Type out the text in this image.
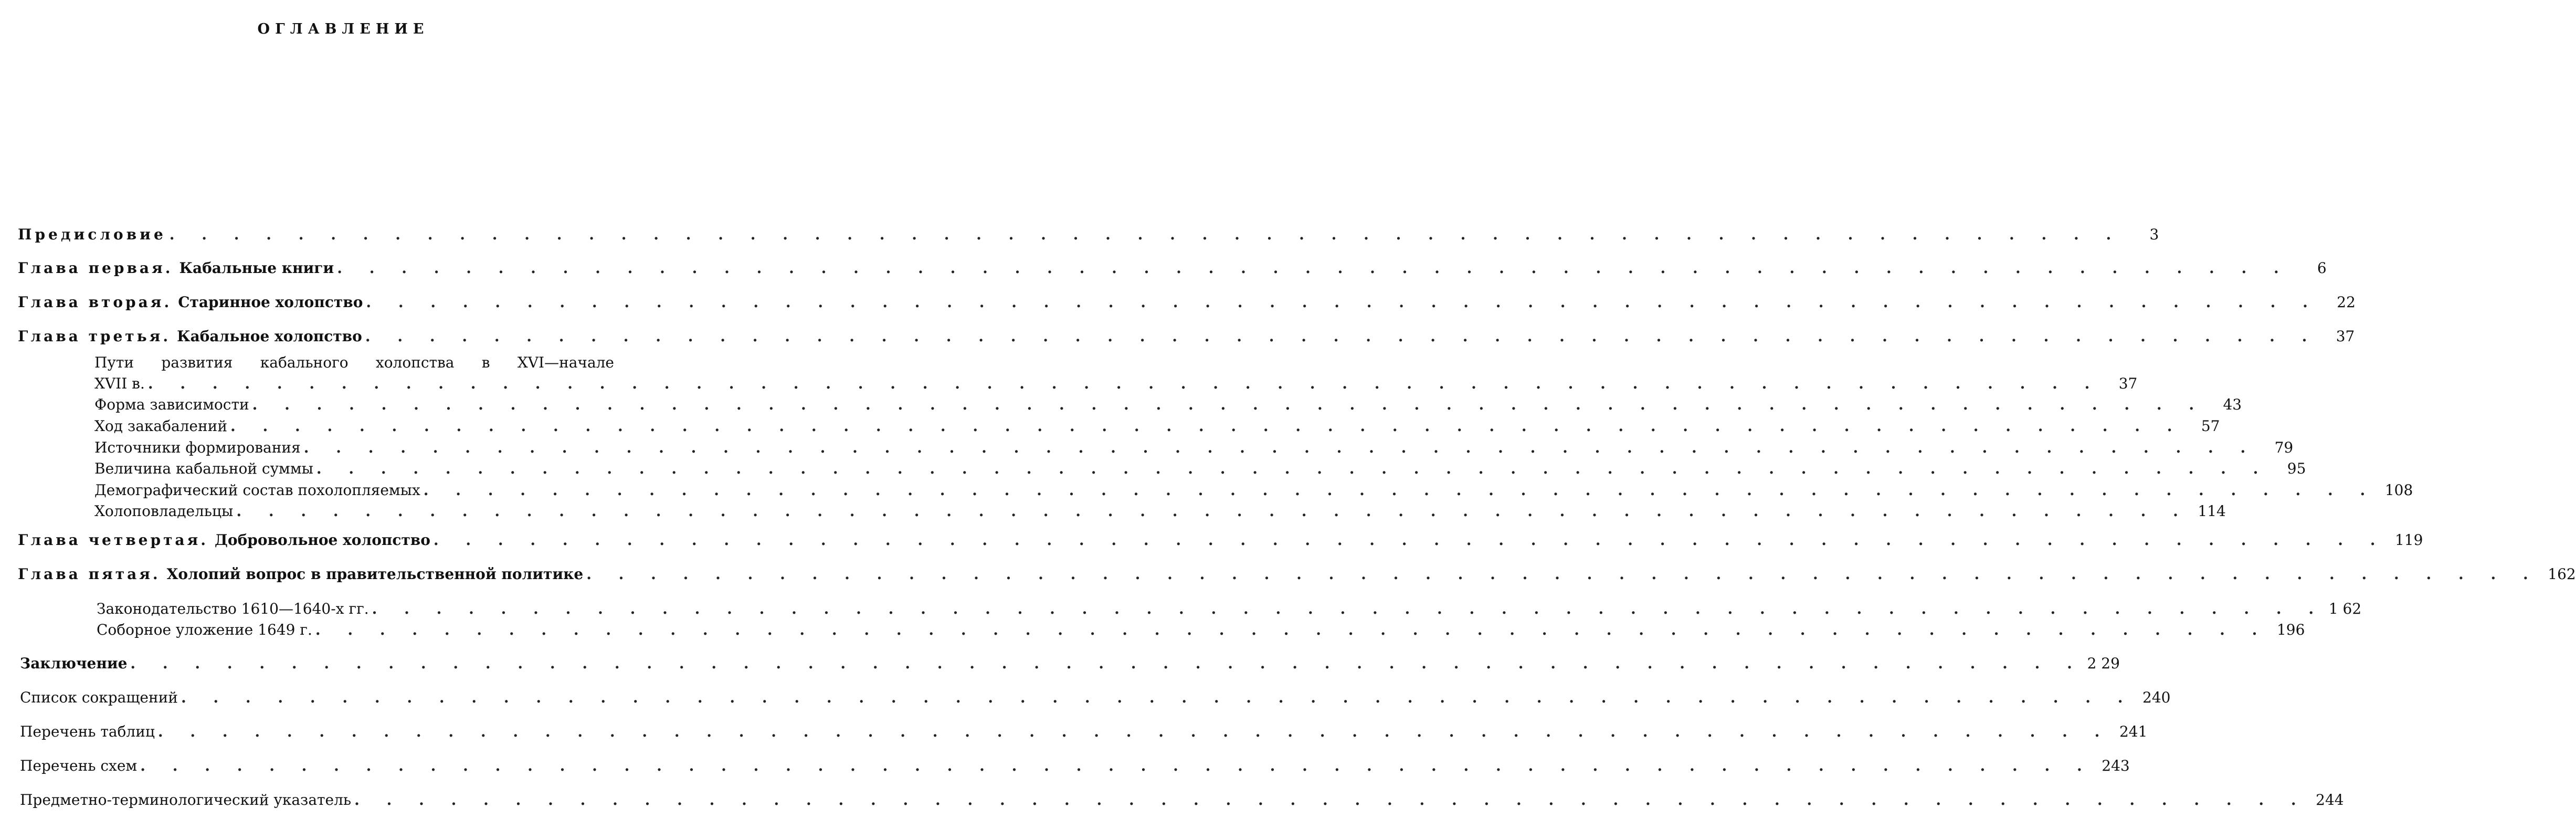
ОГЛАВЛЕНИЕ
Предисловие . . . . . . . . . . . . . . . . . . . . . . . . . . . . . . . . . . . . . . . . . . . . . . . . . . . . . . . . . . . . .	3
Глава первая. Кабальные книги . . . . . . . . . . . . . . . . . . . . . . . . . . . . . . . . . . . . . . . . . . . . . . . . . . . . . . . . . . . . .	6
Глава вторая. Старинное холопство . . . . . . . . . . . . . . . . . . . . . . . . . . . . . . . . . . . . . . . . . . . . . . . . . . . . . . . . . . . . .	22
Глава третья. Кабальное холопство . . . . . . . . . . . . . . . . . . . . . . . . . . . . . . . . . . . . . . . . . . . . . . . . . . . . . . . . . . . . .	37
Пути развития кабального холопства в XVI—начале
XVII в. . . . . . . . . . . . . . . . . . . . . . . . . . . . . . . . . . . . . . . . . . . . . . . . . . . . . . . . . . . . . .	37
Форма зависимости . . . . . . . . . . . . . . . . . . . . . . . . . . . . . . . . . . . . . . . . . . . . . . . . . . . . . . . . . . . . .	43
Ход закабалений . . . . . . . . . . . . . . . . . . . . . . . . . . . . . . . . . . . . . . . . . . . . . . . . . . . . . . . . . . . . .	57
Источники формирования . . . . . . . . . . . . . . . . . . . . . . . . . . . . . . . . . . . . . . . . . . . . . . . . . . . . . . . . . . . . .	79
Величина кабальной суммы . . . . . . . . . . . . . . . . . . . . . . . . . . . . . . . . . . . . . . . . . . . . . . . . . . . . . . . . . . . . .	95
Демографический состав похолопляемых . . . . . . . . . . . . . . . . . . . . . . . . . . . . . . . . . . . . . . . . . . . . . . . . . . . . . . . . . . . . . 108
Холоповладельцы . . . . . . . . . . . . . . . . . . . . . . . . . . . . . . . . . . . . . . . . . . . . . . . . . . . . . . . . . . . . . 114
Глава четвертая. Добровольное холопство . . . . . . . . . . . . . . . . . . . . . . . . . . . . . . . . . . . . . . . . . . . . . . . . . . . . . . . . . . . . . 119
Глава пятая. Холопий вопрос в правительственной политике . . . . . . . . . . . . . . . . . . . . . . . . . . . . . . . . . . . . . . . . . . . . . . . . . . . . . . . . . . . . . 162
Законодательство 1610—1640-х гг. . . . . . . . . . . . . . . . . . . . . . . . . . . . . . . . . . . . . . . . . . . . . . . . . . . . . . . . . . . . . . 1 62
Соборное уложение 1649 г. . . . . . . . . . . . . . . . . . . . . . . . . . . . . . . . . . . . . . . . . . . . . . . . . . . . . . . . . . . . . . 196
Заключение . . . . . . . . . . . . . . . . . . . . . . . . . . . . . . . . . . . . . . . . . . . . . . . . . . . . . . . . . . . . . 2 29
Список сокращений . . . . . . . . . . . . . . . . . . . . . . . . . . . . . . . . . . . . . . . . . . . . . . . . . . . . . . . . . . . . . 240
Перечень таблиц . . . . . . . . . . . . . . . . . . . . . . . . . . . . . . . . . . . . . . . . . . . . . . . . . . . . . . . . . . . . . 241
Перечень схем . . . . . . . . . . . . . . . . . . . . . . . . . . . . . . . . . . . . . . . . . . . . . . . . . . . . . . . . . . . . . 243
Предметно-терминологический указатель . . . . . . . . . . . . . . . . . . . . . . . . . . . . . . . . . . . . . . . . . . . . . . . . . . . . . . . . . . . . . 244
